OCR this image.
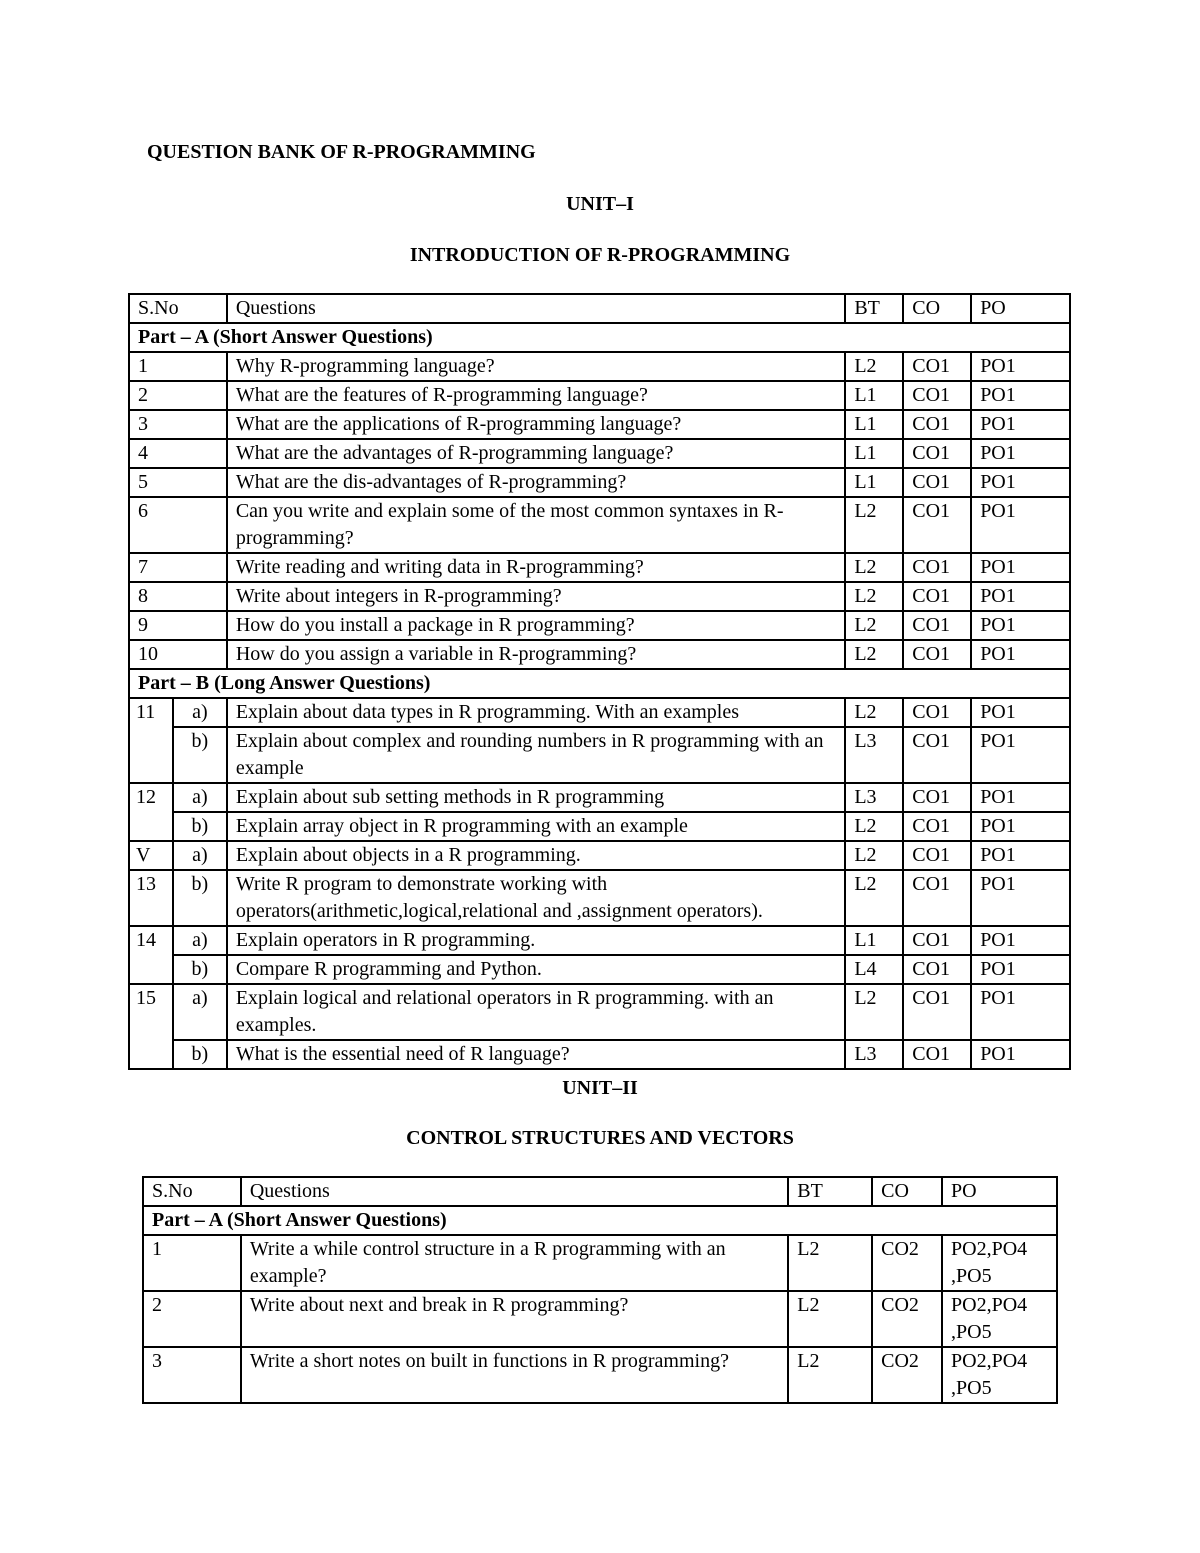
QUESTION BANK OF R-PROGRAMMING
UNIT–I
INTRODUCTION OF R-PROGRAMMING
S.No		Questions	BT	CO	PO
Part – A (Short Answer Questions)					
1		Why R-programming language?	L2	CO1	PO1
2		What are the features of R-programming language?	L1	CO1	PO1
3		What are the applications of R-programming language?	L1	CO1	PO1
4		What are the advantages of R-programming language?	L1	CO1	PO1
5		What are the dis-advantages of R-programming?	L1	CO1	PO1
6		Can you write and explain some of the most common syntaxes in R-programming?	L2	CO1	PO1
7		Write reading and writing data in R-programming?	L2	CO1	PO1
8		Write about integers in R-programming?	L2	CO1	PO1
9		How do you install a package in R programming?	L2	CO1	PO1
10		How do you assign a variable in R-programming?	L2	CO1	PO1
Part – B (Long Answer Questions)					
11	a)	Explain about data types in R programming. With an examples	L2	CO1	PO1
	b)	Explain about complex and rounding numbers in R programming with an example	L3	CO1	PO1
12	a)	Explain about sub setting methods in R programming	L3	CO1	PO1
	b)	Explain array object in R programming with an example	L2	CO1	PO1
V	a)	Explain about objects in a R programming.	L2	CO1	PO1
13	b)	Write R program to demonstrate working with operators(arithmetic,logical,relational and ,assignment operators).	L2	CO1	PO1
14	a)	Explain operators in R programming.	L1	CO1	PO1
	b)	Compare R programming and Python.	L4	CO1	PO1
15	a)	Explain logical and relational operators in R programming. with an examples.	L2	CO1	PO1
	b)	What is the essential need of R language?	L3	CO1	PO1
UNIT–II
CONTROL STRUCTURES AND VECTORS
S.No	Questions	BT	CO	PO
Part – A (Short Answer Questions)				
1	Write a while control structure in a R programming with an example?	L2	CO2	PO2,PO4 ,PO5
2	Write about next and break in R programming?	L2	CO2	PO2,PO4 ,PO5
3	Write a short notes on built in functions in R programming?	L2	CO2	PO2,PO4 ,PO5
